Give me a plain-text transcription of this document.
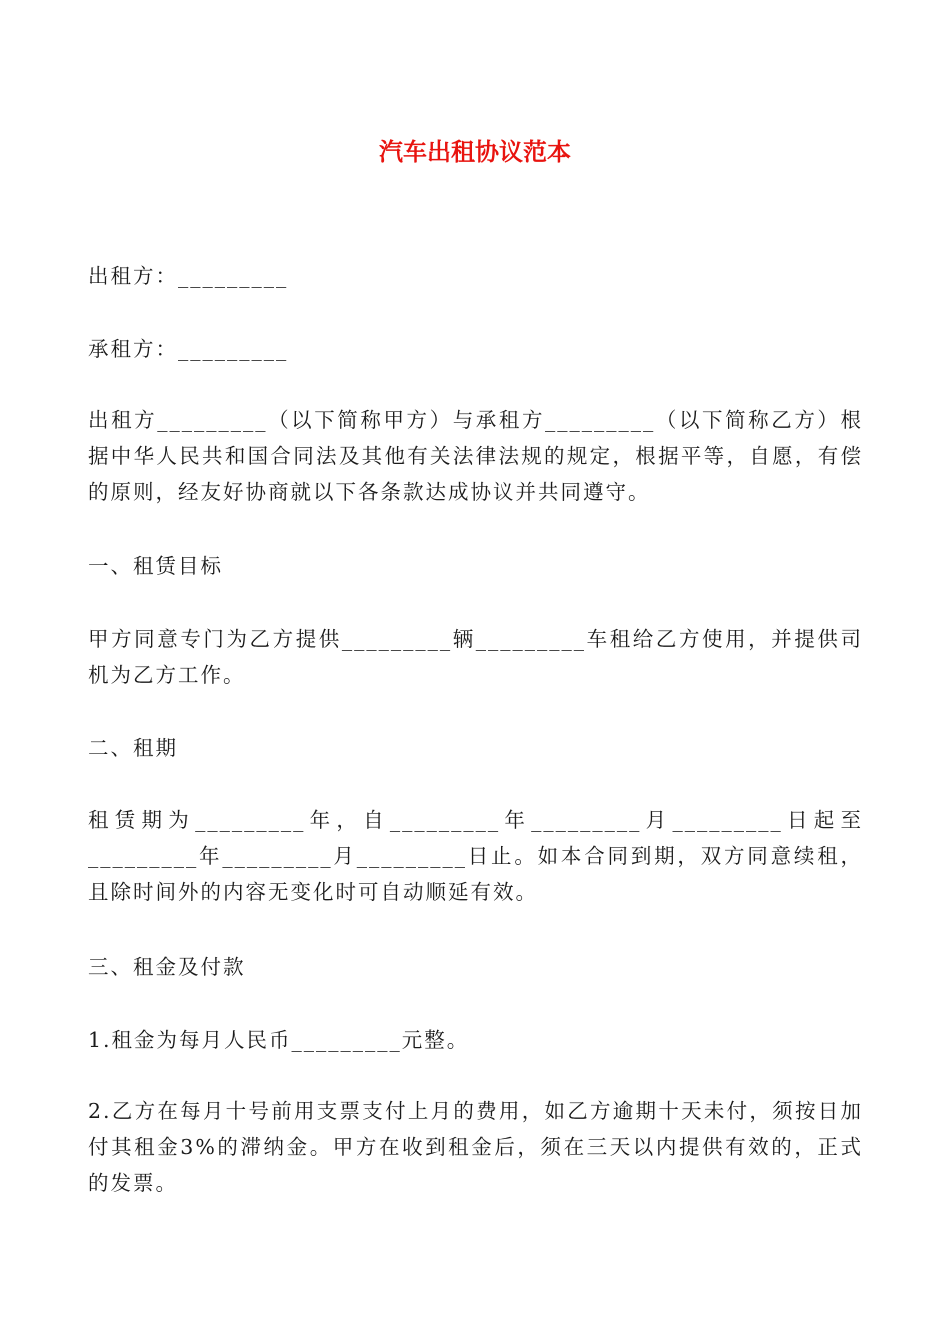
汽车出租协议范本

出租方：_________

承租方：_________

出租方_________（以下简称甲方）与承租方_________（以下简称乙方）根据中华人民共和国合同法及其他有关法律法规的规定，根据平等，自愿，有偿的原则，经友好协商就以下各条款达成协议并共同遵守。

一、租赁目标

甲方同意专门为乙方提供_________辆_________车租给乙方使用，并提供司机为乙方工作。

二、租期

租赁期为_________年，自_________年_________月_________日起至_________年_________月_________日止。如本合同到期，双方同意续租，且除时间外的内容无变化时可自动顺延有效。

三、租金及付款

1.租金为每月人民币_________元整。

2.乙方在每月十号前用支票支付上月的费用，如乙方逾期十天未付，须按日加付其租金3%的滞纳金。甲方在收到租金后，须在三天以内提供有效的，正式的发票。
